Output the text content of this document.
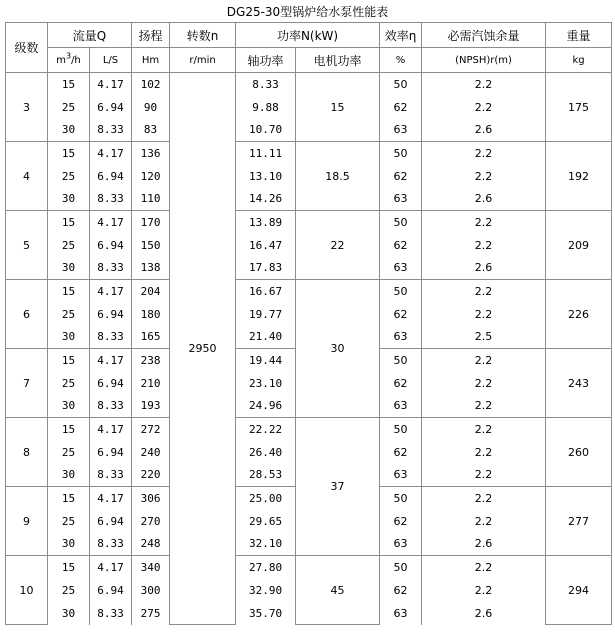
DG25-30型锅炉给水泵性能表
级数	流量Q		扬程	转数n	功率N(kW)		效率η	必需汽蚀余量	重量
	$m^3/h$	L/S	Hm	r/min	轴功率	电机功率	%	(NPSH)r(m)	kg
3	15	4.17	102	2950	8.33	15	50	2.2	175
	25	6.94	90		9.88		62	2.2	
	30	8.33	83		10.70		63	2.6	
4	15	4.17	136		11.11	18.5	50	2.2	192
	25	6.94	120		13.10		62	2.2	
	30	8.33	110		14.26		63	2.6	
5	15	4.17	170		13.89	22	50	2.2	209
	25	6.94	150		16.47		62	2.2	
	30	8.33	138		17.83		63	2.6	
6	15	4.17	204		16.67	30	50	2.2	226
	25	6.94	180		19.77		62	2.2	
	30	8.33	165		21.40		63	2.5	
7	15	4.17	238		19.44		50	2.2	243
	25	6.94	210		23.10		62	2.2	
	30	8.33	193		24.96		63	2.2	
8	15	4.17	272		22.22	37	50	2.2	260
	25	6.94	240		26.40		62	2.2	
	30	8.33	220		28.53		63	2.2	
9	15	4.17	306		25.00		50	2.2	277
	25	6.94	270		29.65		62	2.2	
	30	8.33	248		32.10		63	2.6	
10	15	4.17	340		27.80	45	50	2.2	294
	25	6.94	300		32.90		62	2.2	
	30	8.33	275		35.70		63	2.6	
